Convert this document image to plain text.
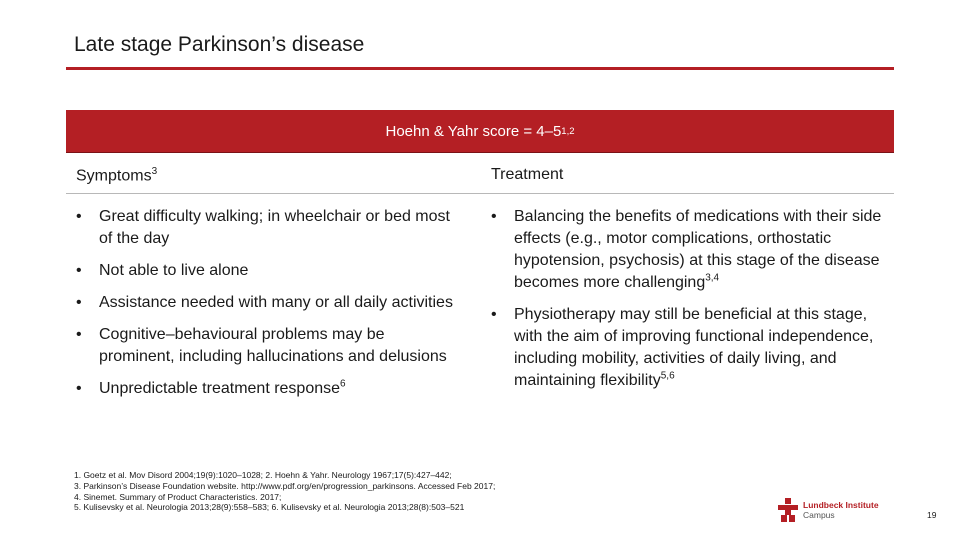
Late stage Parkinson’s disease
Hoehn & Yahr score = 4–5 1,2
Symptoms$^3$	Treatment
• Great difficulty walking; in wheelchair or bed most of the day
• Not able to live alone
• Assistance needed with many or all daily activities
• Cognitive–behavioural problems may be prominent, including hallucinations and delusions
• Unpredictable treatment response$^6$
• Balancing the benefits of medications with their side effects (e.g., motor complications, orthostatic hypotension, psychosis) at this stage of the disease becomes more challenging$^{3,4}$
• Physiotherapy may still be beneficial at this stage, with the aim of improving functional independence, including mobility, activities of daily living, and maintaining flexibility$^{5,6}$
1. Goetz et al. Mov Disord 2004;19(9):1020–1028; 2. Hoehn & Yahr. Neurology 1967;17(5):427–442;
3. Parkinson’s Disease Foundation website. http://www.pdf.org/en/progression_parkinsons. Accessed Feb 2017;
4. Sinemet. Summary of Product Characteristics. 2017;
5. Kulisevsky et al. Neurologia 2013;28(9):558–583; 6. Kulisevsky et al. Neurologia 2013;28(8):503–521	Lundbeck Institute
Campus	19
